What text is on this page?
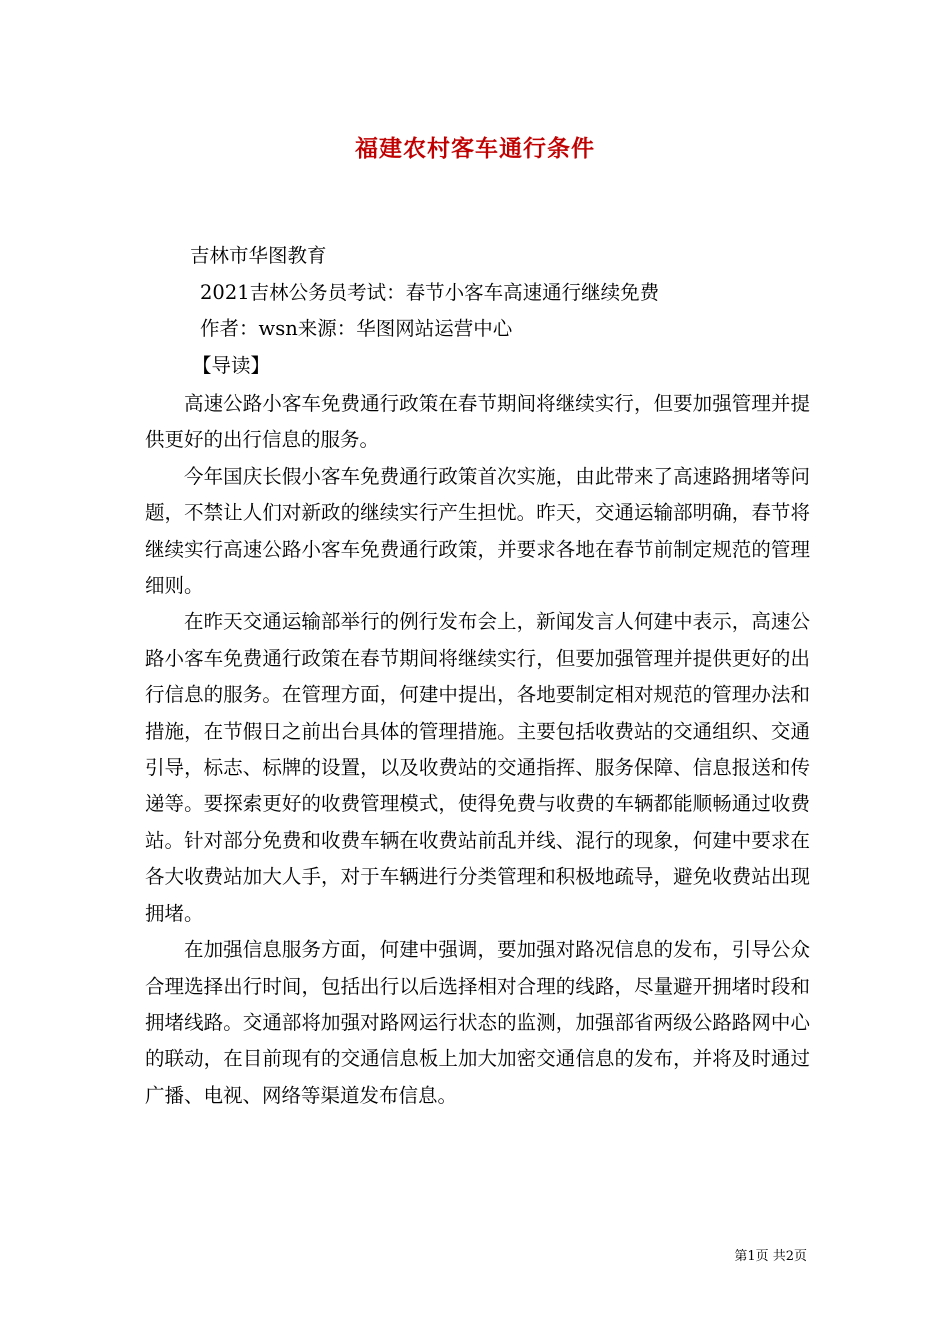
福建农村客车通行条件
吉林市华图教育
2021吉林公务员考试：春节小客车高速通行继续免费
作者：wsn来源：华图网站运营中心
【导读】

高速公路小客车免费通行政策在春节期间将继续实行，但要加强管理并提供更好的出行信息的服务。

今年国庆长假小客车免费通行政策首次实施，由此带来了高速路拥堵等问题，不禁让人们对新政的继续实行产生担忧。昨天，交通运输部明确，春节将继续实行高速公路小客车免费通行政策，并要求各地在春节前制定规范的管理细则。

在昨天交通运输部举行的例行发布会上，新闻发言人何建中表示，高速公路小客车免费通行政策在春节期间将继续实行，但要加强管理并提供更好的出行信息的服务。在管理方面，何建中提出，各地要制定相对规范的管理办法和措施，在节假日之前出台具体的管理措施。主要包括收费站的交通组织、交通引导，标志、标牌的设置，以及收费站的交通指挥、服务保障、信息报送和传递等。要探索更好的收费管理模式，使得免费与收费的车辆都能顺畅通过收费站。针对部分免费和收费车辆在收费站前乱并线、混行的现象，何建中要求在各大收费站加大人手，对于车辆进行分类管理和积极地疏导，避免收费站出现拥堵。

在加强信息服务方面，何建中强调，要加强对路况信息的发布，引导公众合理选择出行时间，包括出行以后选择相对合理的线路，尽量避开拥堵时段和拥堵线路。交通部将加强对路网运行状态的监测，加强部省两级公路路网中心的联动，在目前现有的交通信息板上加大加密交通信息的发布，并将及时通过广播、电视、网络等渠道发布信息。

第1页 共2页
